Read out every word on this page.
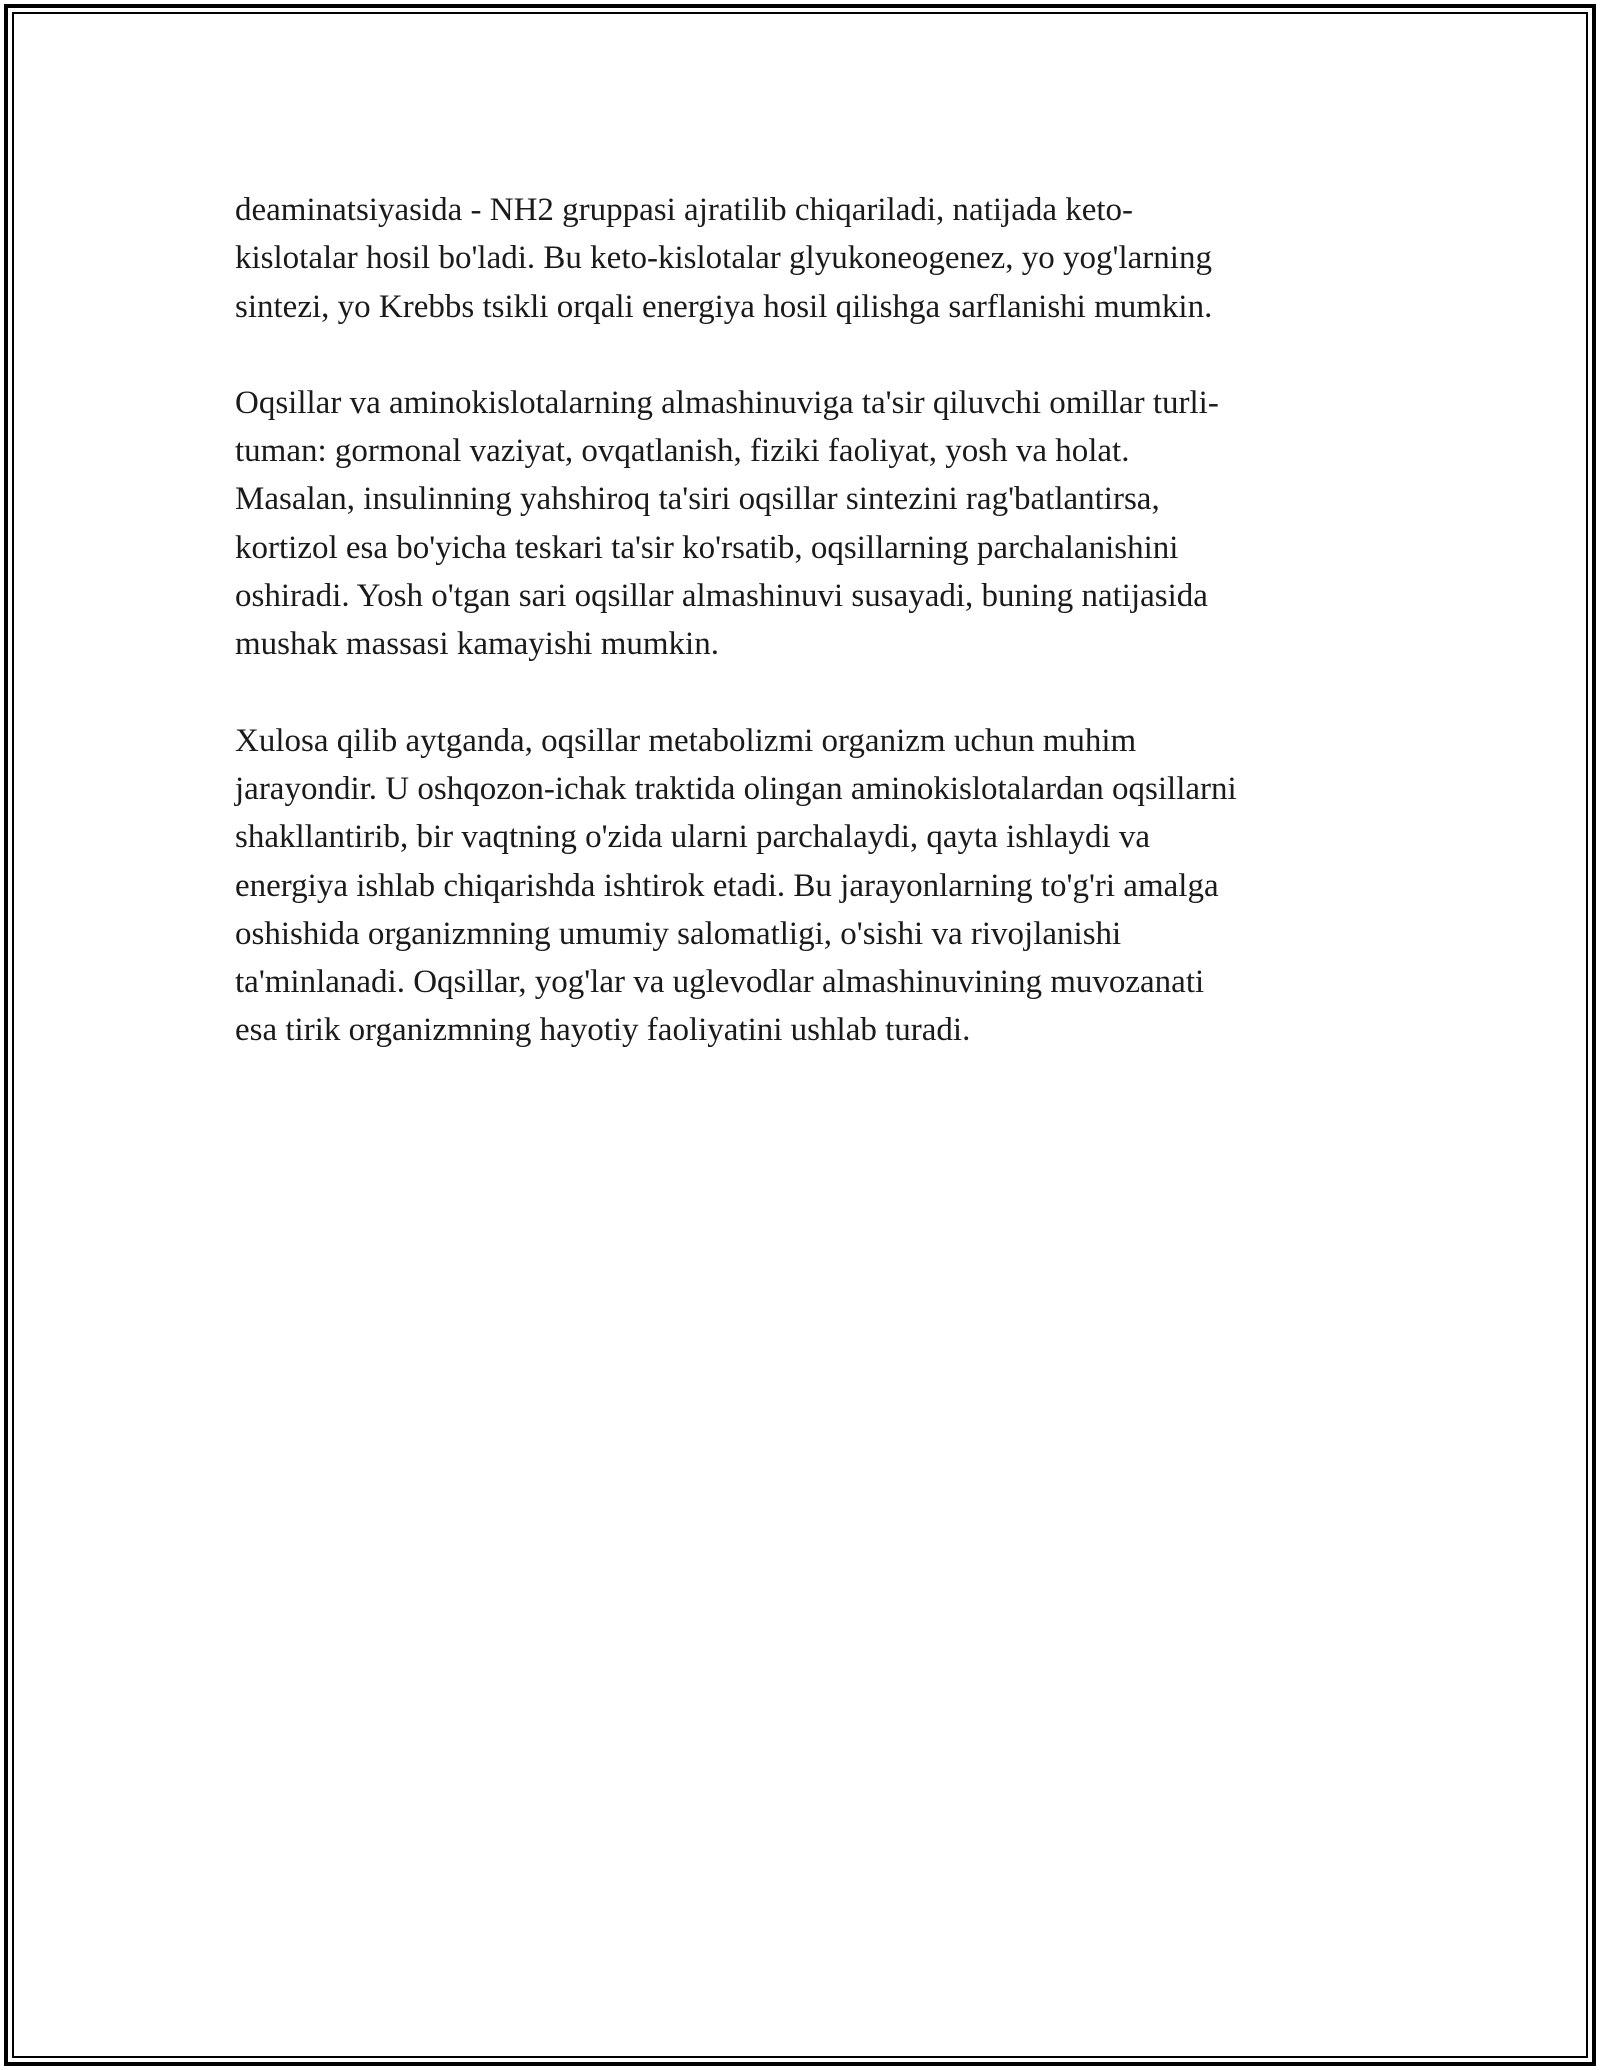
deaminatsiyasida - NH2 gruppasi ajratilib chiqariladi, natijada keto-
kislotalar hosil bo'ladi. Bu keto-kislotalar glyukoneogenez, yo yog'larning
sintezi, yo Krebbs tsikli orqali energiya hosil qilishga sarflanishi mumkin.

Oqsillar va aminokislotalarning almashinuviga ta'sir qiluvchi omillar turli-
tuman: gormonal vaziyat, ovqatlanish, fiziki faoliyat, yosh va holat.
Masalan, insulinning yahshiroq ta'siri oqsillar sintezini rag'batlantirsa,
kortizol esa bo'yicha teskari ta'sir ko'rsatib, oqsillarning parchalanishini
oshiradi. Yosh o'tgan sari oqsillar almashinuvi susayadi, buning natijasida
mushak massasi kamayishi mumkin.

Xulosa qilib aytganda, oqsillar metabolizmi organizm uchun muhim
jarayondir. U oshqozon-ichak traktida olingan aminokislotalardan oqsillarni
shakllantirib, bir vaqtning o'zida ularni parchalaydi, qayta ishlaydi va
energiya ishlab chiqarishda ishtirok etadi. Bu jarayonlarning to'g'ri amalga
oshishida organizmning umumiy salomatligi, o'sishi va rivojlanishi
ta'minlanadi. Oqsillar, yog'lar va uglevodlar almashinuvining muvozanati
esa tirik organizmning hayotiy faoliyatini ushlab turadi.
